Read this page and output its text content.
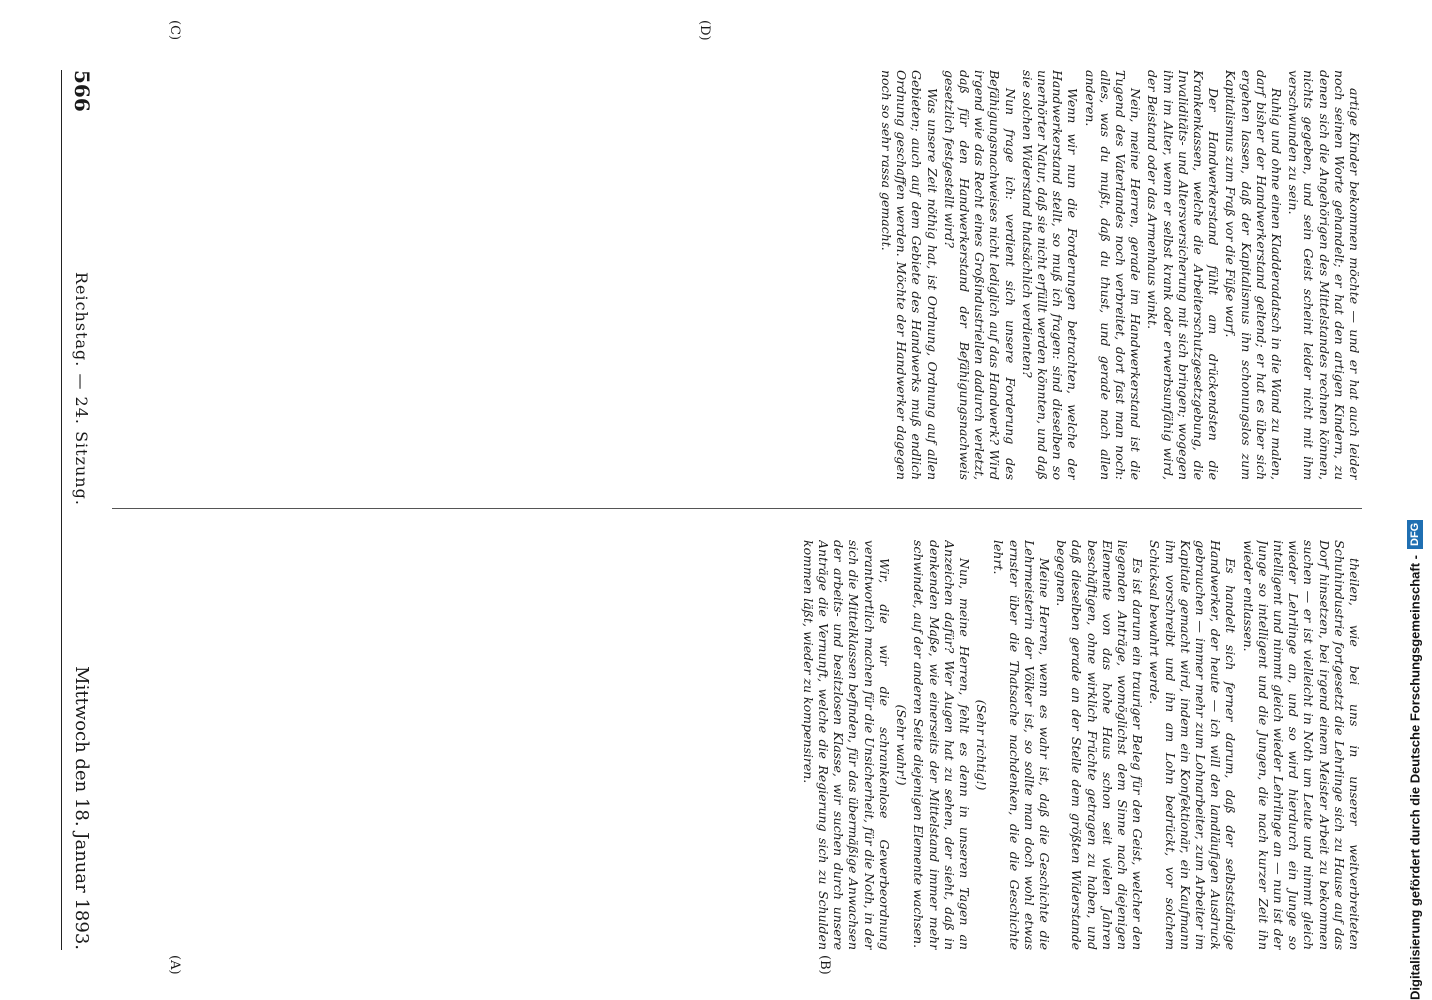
566
Reichstag. — 24. Sitzung.
Mittwoch den 18. Januar 1893.	theilen, wie bei uns in unserer weitverbreiteten Schuhindustrie fortgesetzt die Lehrlinge sich zu Hause auf das Dorf hinsetzen, bei irgend einem Meister Arbeit zu bekommen suchen — er ist vielleicht in Noth um Leute und nimmt gleich wieder Lehrlinge an, und so wird hierdurch ein Junge so intelligent und nimmt gleich wieder Lehrlinge an — nun ist der Junge so intelligent und die Jungen, die nach kurzer Zeit ihn wieder entlassen.

Es handelt sich ferner darum, daß der selbstständige Handwerker, der heute — ich will den landläufigen Ausdruck gebrauchen — immer mehr zum Lohnarbeiter, zum Arbeiter im Kapitale gemacht wird, indem ein Konfektionär, ein Kaufmann ihm vorschreibt und ihn am Lohn bedrückt, vor solchem Schicksal bewahrt werde.

Es ist darum ein trauriger Beleg für den Geist, welcher den liegenden Anträge, womöglichst dem Sinne nach diejenigen Elemente von das hohe Haus schon seit vielen Jahren beschäftigen, ohne wirklich Früchte getragen zu haben, und daß dieselben gerade an der Stelle dem größten Widerstande begegnen.

Meine Herren, wenn es wahr ist, daß die Geschichte die Lehrmeisterin der Völker ist, so sollte man doch wohl etwas ernster über die Thatsache nachdenken, die die Geschichte lehrt.

(Sehr richtig!)

Nun, meine Herren, fehlt es denn in unseren Tagen an Anzeichen dafür? Wer Augen hat zu sehen, der sieht, daß in denkenden Maße, wie einerseits der Mittelstand immer mehr schwindet, auf der anderen Seite diejenigen Elemente wachsen.

(Sehr wahr!)

Wir, die wir die schrankenlose Gewerbeordnung verantwortlich machen für die Unsicherheit, für die Noth, in der sich die Mittelklassen befinden, für das übermäßige Anwachsen der arbeits- und besitzlosen Klasse, wir suchen durch unsere Anträge die Vernunft, welche die Regierung sich zu Schulden kommen läßt, wieder zu kompensiren.

artige Kinder bekommen möchte — und er hat auch leider noch seinen Worte gehandelt; er hat den artigen Kindern, zu denen sich die Angehörigen des Mittelstandes rechnen können, nichts gegeben, und sein Geist scheint leider nicht mit ihm verschwunden zu sein.

Ruhig und ohne einen Kladderadatsch in die Wand zu malen, darf bisher der Handwerkerstand geltend; er hat es über sich ergehen lassen, daß der Kapitalismus ihn schonungslos zum Kapitalismus zum Fraß vor die Füße warf.

Der Handwerkerstand fühlt am drückendsten die Krankenkassen, welche die Arbeiterschutzgesetzgebung, die Invaliditäts- und Altersversicherung mit sich bringen; wogegen ihm im Alter, wenn er selbst krank oder erwerbsunfähig wird, der Beistand oder das Armenhaus winkt.

Nein, meine Herren, gerade im Handwerkerstand ist die Tugend des Vaterlandes noch verbreitet, dort fast man noch: alles, was du mußt, daß du thust, und gerade nach allen anderen.

Wenn wir nun die Forderungen betrachten, welche der Handwerkerstand stellt, so muß ich fragen: sind dieselben so unerhörter Natur, daß sie nicht erfüllt werden könnten, und daß sie solchen Widerstand thatsächlich verdienten?

Nun frage ich: verdient sich unsere Forderung des Befähigungsnachweises nicht lediglich auf das Handwerk? Wird irgend wie das Recht eines Großindustriellen dadurch verletzt, daß für den Handwerkerstand der Befähigungsnachweis gesetzlich festgestellt wird?

Was unsere Zeit nöthig hat, ist Ordnung, Ordnung auf allen Gebieten; auch auf dem Gebiete des Handwerks muß endlich Ordnung geschaffen werden. Möchte der Handwerker dagegen noch so sehr rassa gemacht.

(A)	(B)
(C)	(D)
Digitalisierung gefördert durch die Deutsche Forschungsgemeinschaft -
DFG
